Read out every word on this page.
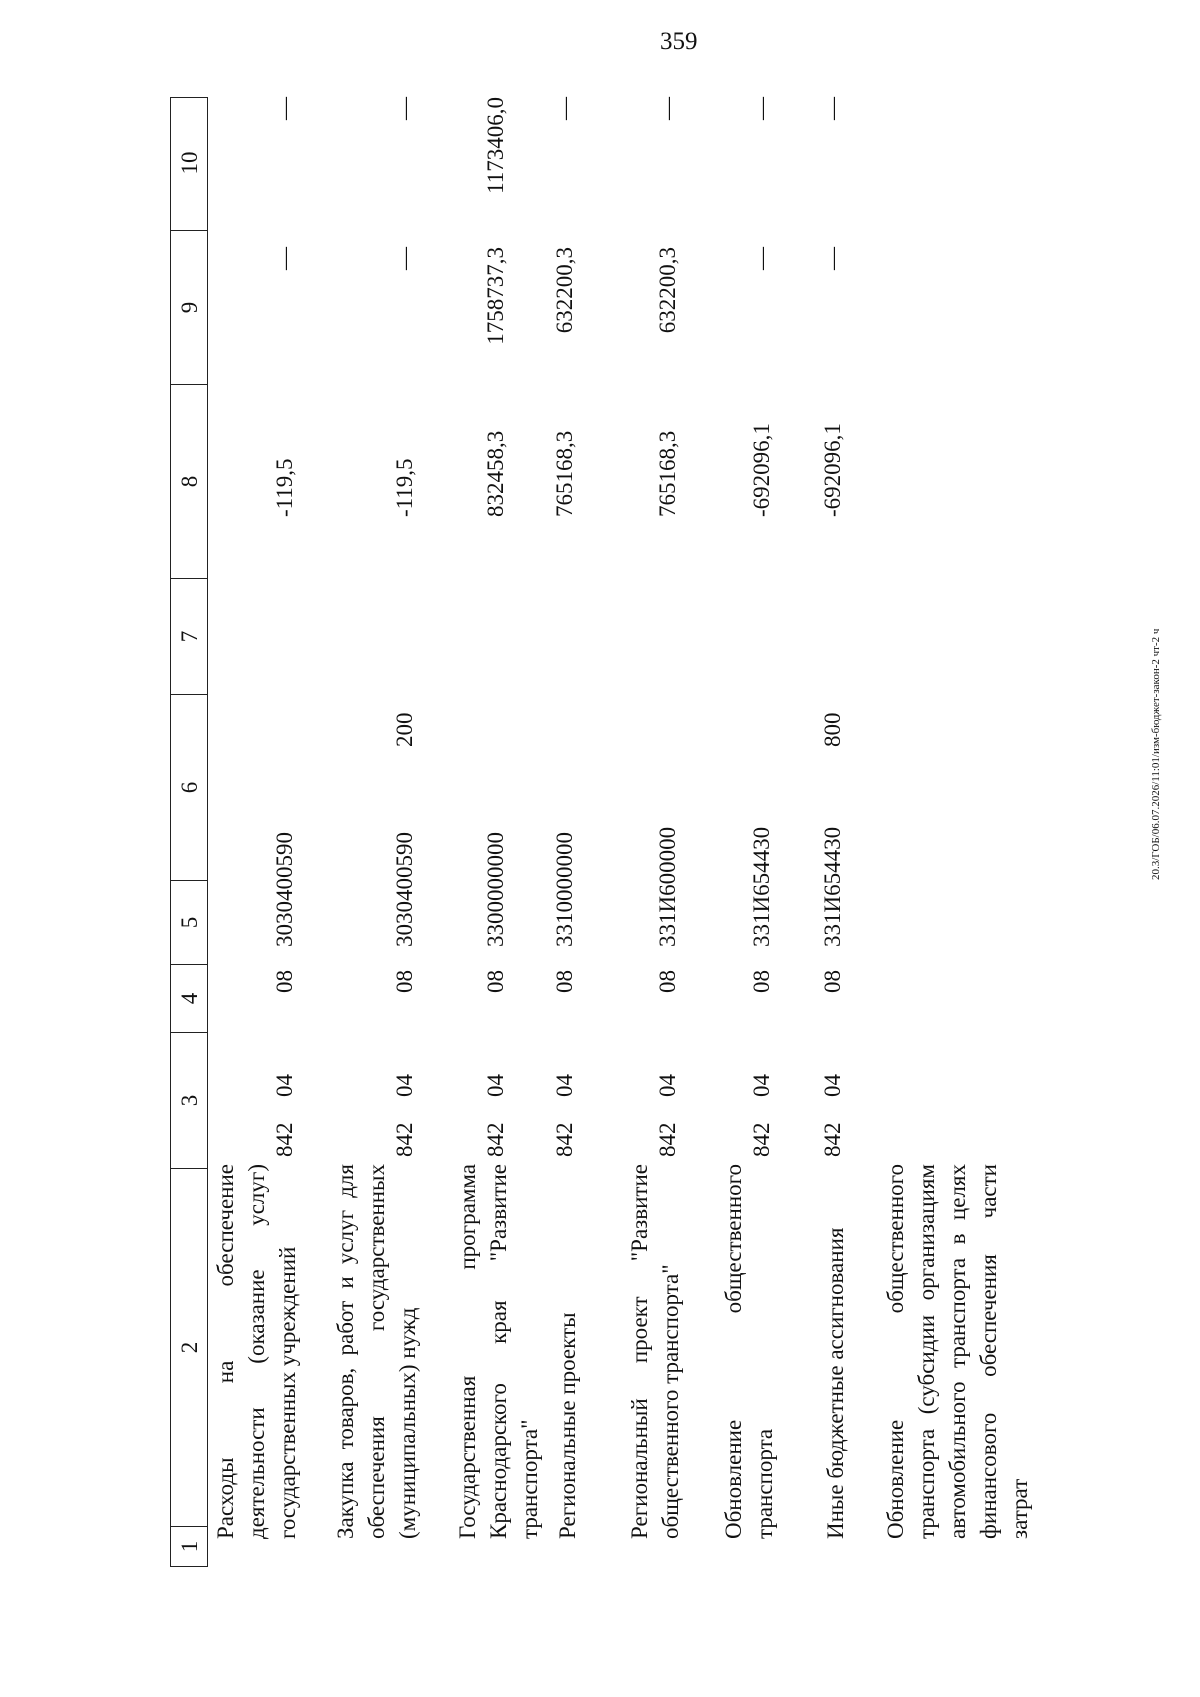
359
20.3/ГОБ/06.07.2026/11:01/изм-бюджет-закон-2 чт-2 ч
1
2
3
4
5
6
7
8
9
10
Расходы на обеспечение деятельности (оказание услуг) государственных учреждений
842
04
08
3030400590
-119,5
—
—
Закупка товаров, работ и услуг для обеспечения государственных (муниципальных) нужд
842
04
08
3030400590
200
-119,5
—
—
Государственная программа Краснодарского края "Развитие транспорта"
842
04
08
3300000000
832458,3
1758737,3
1173406,0
Региональные проекты
842
04
08
3310000000
765168,3
632200,3
—
Региональный проект "Развитие общественного транспорта"
842
04
08
331И600000
765168,3
632200,3
—
Обновление общественного транспорта
842
04
08
331И654430
-692096,1
—
—
Иные бюджетные ассигнования
842
04
08
331И654430
800
-692096,1
—
—
Обновление общественного транспорта (субсидии организациям автомобильного транспорта в целях финансового обеспечения части затрат
